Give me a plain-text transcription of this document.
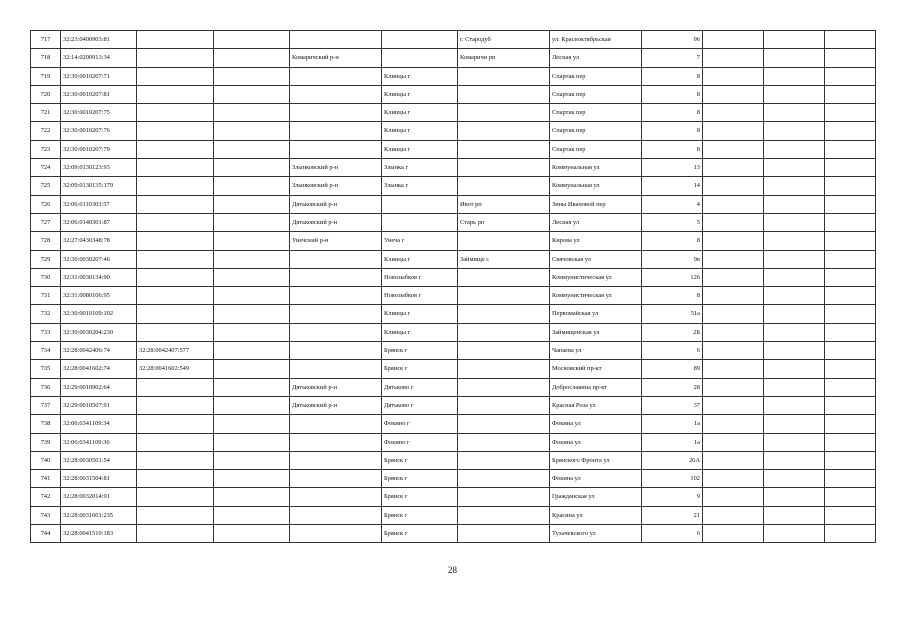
717	32:23:0400903:81					г. Стародуб	ул. Красноктябрьская	96			
718	32:14:0200913:34			Комаричский р-н		Комаричи рп	Лесная ул	7			
719	32:30:0010207:71				Клинцы г		Спартак пер	8			
720	32:30:0010207:81				Клинцы г		Спартак пер	8			
721	32:30:0010207:75				Клинцы г		Спартак пер	8			
722	32:30:0010207:76				Клинцы г		Спартак пер	8			
723	32:30:0010207:79				Клинцы г		Спартак пер	8			
724	32:09:0130123:93			Злынковский р-н	Злынка г		Коммунальная ул	13			
725	32:09:0130135:179			Злынковский р-н	Злынка г		Коммунальная ул	14			
726	32:06:0110303:57			Дятьковский р-н		Ивот рп	Зины Ивановой пер	4			
727	32:06:0140301:87			Дятьковский р-н		Старь рп	Лесная ул	5			
728	32:27:0430348:78			Унечский р-н	Унеча г		Кирова ул	8			
729	32:30:0030207:46				Клинцы г	Займище с	Свячовская ул	9в			
730	32:31:0030134:90				Новозыбков г		Коммунистическая ул	126			
731	32:31:0080106:95				Новозыбков г		Коммунистическая ул	8			
732	32:30:0010109:102				Клинцы г		Первомайская ул	51а			
733	32:30:0030204:230				Клинцы г		Займищенская ул	2Б			
734	32:28:0042406:74	32:28:0042407:577			Брянск г		Чапаева ул	6			
735	32:28:0041602:74	32:28:0041602:549			Брянск г		Московский пр-кт	89			
736	32:29:0010902:64			Дятьковский р-н	Дятьково г		Доброславина пр-кт	28			
737	32:29:0010507:91			Дятьковский р-н	Дятьково г		Красная Роза ул	37			
738	32:06:0341109:34				Фокино г		Фокина ул	1а			
739	32:06:0341109:36				Фокино г		Фокина ул	1а			
740	32:28:0030501:54				Брянск г		Брянского Фронта ул	26А			
741	32:28:0031504:81				Брянск г		Фокина ул	102			
742	32:28:0032014:91				Брянск г		Гражданская ул	9			
743	32:28:0031601:235				Брянск г		Красина ул	21			
744	32:28:0041510:183				Брянск г		Тухачевского ул	6			
28
